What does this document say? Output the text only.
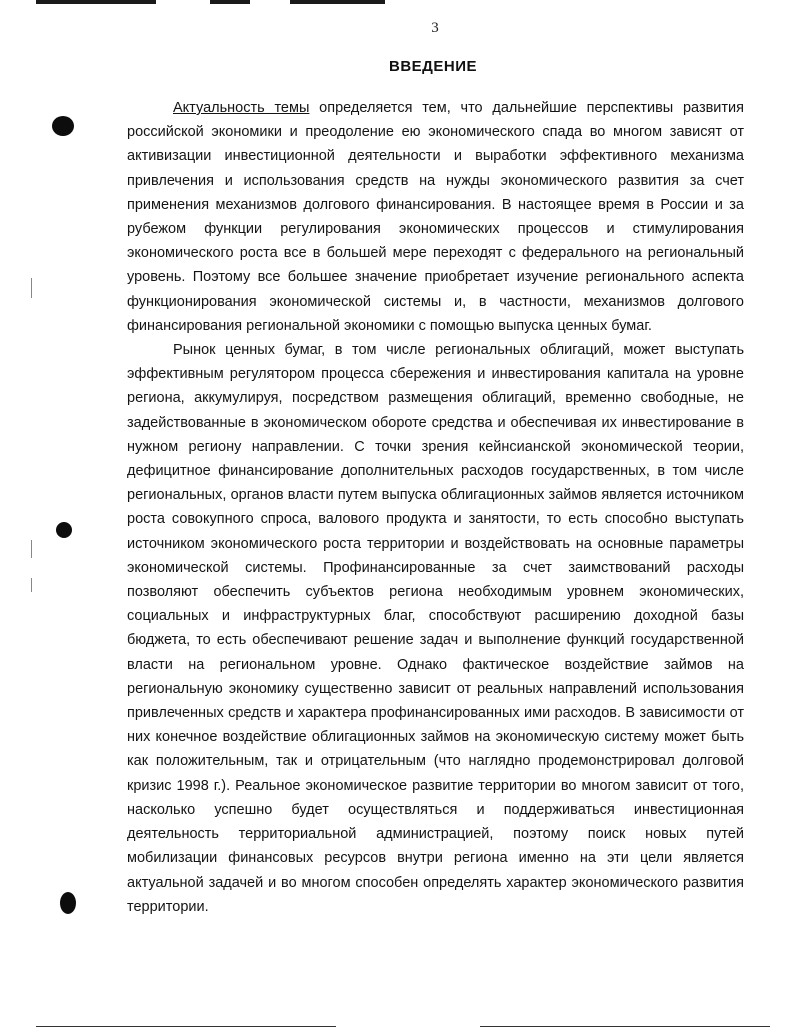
3
ВВЕДЕНИЕ

Актуальность темы определяется тем, что дальнейшие перспективы развития российской экономики и преодоление ею экономического спада во многом зависят от активизации инвестиционной деятельности и выработки эффективного механизма привлечения и использования средств на нужды экономического развития за счет применения механизмов долгового финансирования. В настоящее время в России и за рубежом функции регулирования экономических процессов и стимулирования экономического роста все в большей мере переходят с федерального на региональный уровень. Поэтому все большее значение приобретает изучение регионального аспекта функционирования экономической системы и, в частности, механизмов долгового финансирования региональной экономики с помощью выпуска ценных бумаг.

Рынок ценных бумаг, в том числе региональных облигаций, может выступать эффективным регулятором процесса сбережения и инвестирования капитала на уровне региона, аккумулируя, посредством размещения облигаций, временно свободные, не задействованные в экономическом обороте средства и обеспечивая их инвестирование в нужном региону направлении. С точки зрения кейнсианской экономической теории, дефицитное финансирование дополнительных расходов государственных, в том числе региональных, органов власти путем выпуска облигационных займов является источником роста совокупного спроса, валового продукта и занятости, то есть способно выступать источником экономического роста территории и воздействовать на основные параметры экономической системы. Профинансированные за счет заимствований расходы позволяют обеспечить субъектов региона необходимым уровнем экономических, социальных и инфраструктурных благ, способствуют расширению доходной базы бюджета, то есть обеспечивают решение задач и выполнение функций государственной власти на региональном уровне. Однако фактическое воздействие займов на региональную экономику существенно зависит от реальных направлений использования привлеченных средств и характера профинансированных ими расходов. В зависимости от них конечное воздействие облигационных займов на экономическую систему может быть как положительным, так и отрицательным (что наглядно продемонстрировал долговой кризис 1998 г.). Реальное экономическое развитие территории во многом зависит от того, насколько успешно будет осуществляться и поддерживаться инвестиционная деятельность территориальной администрацией, поэтому поиск новых путей мобилизации финансовых ресурсов внутри региона именно на эти цели является актуальной задачей и во многом способен определять характер экономического развития территории.
